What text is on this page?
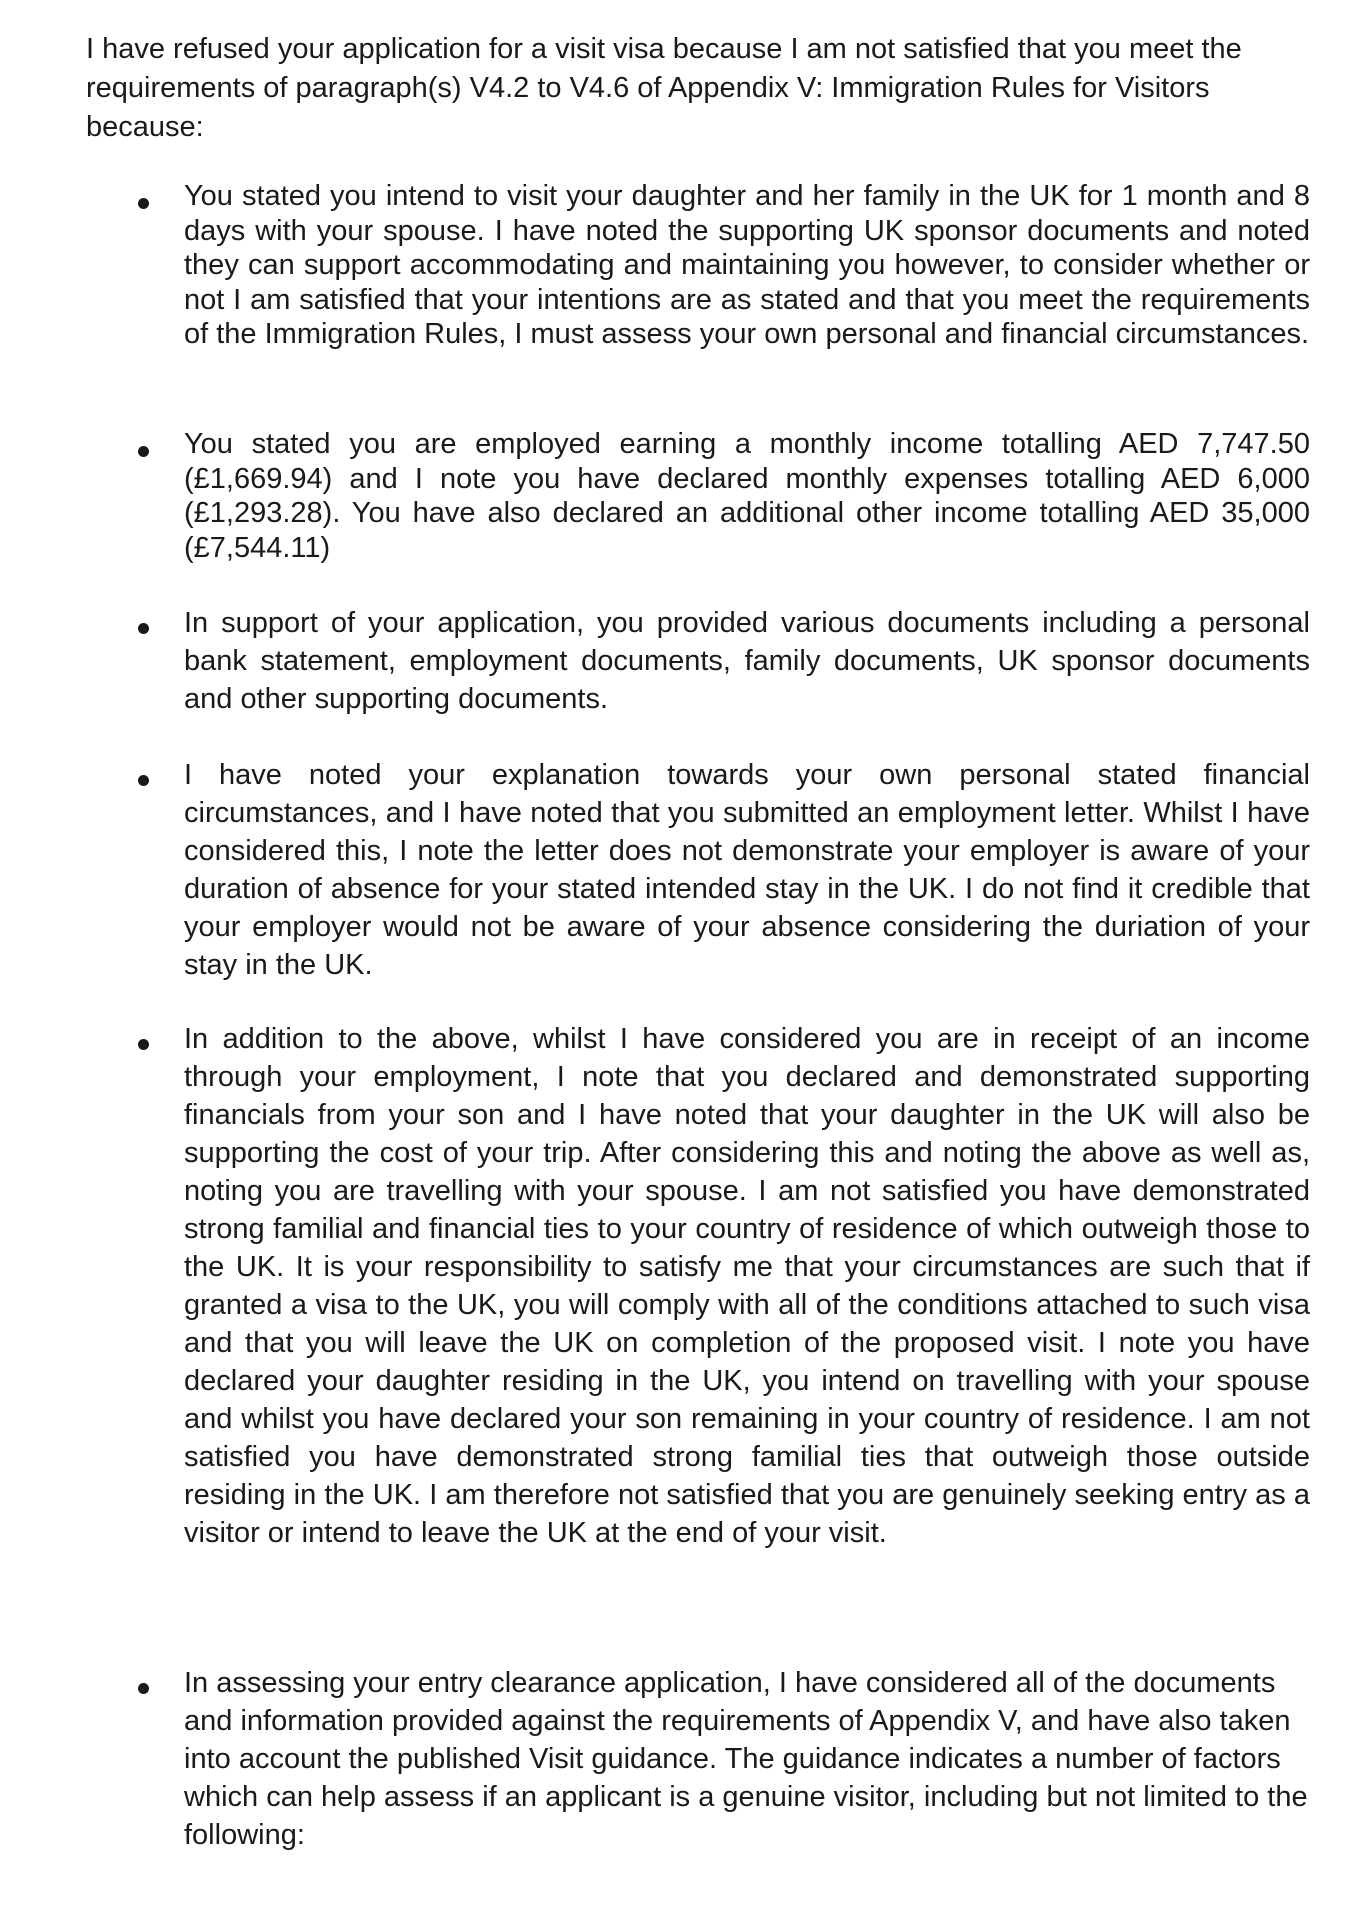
I have refused your application for a visit visa because I am not satisfied that you meet the requirements of paragraph(s) V4.2 to V4.6 of Appendix V: Immigration Rules for Visitors because:

You stated you intend to visit your daughter and her family in the UK for 1 month and 8 days with your spouse. I have noted the supporting UK sponsor documents and noted they can support accommodating and maintaining you however, to consider whether or not I am satisfied that your intentions are as stated and that you meet the requirements of the Immigration Rules, I must assess your own personal and financial circumstances.

You stated you are employed earning a monthly income totalling AED 7,747.50 (£1,669.94) and I note you have declared monthly expenses totalling AED 6,000 (£1,293.28). You have also declared an additional other income totalling AED 35,000 (£7,544.11)

In support of your application, you provided various documents including a personal bank statement, employment documents, family documents, UK sponsor documents and other supporting documents.

I have noted your explanation towards your own personal stated financial circumstances, and I have noted that you submitted an employment letter. Whilst I have considered this, I note the letter does not demonstrate your employer is aware of your duration of absence for your stated intended stay in the UK. I do not find it credible that your employer would not be aware of your absence considering the duriation of your stay in the UK.

In addition to the above, whilst I have considered you are in receipt of an income through your employment, I note that you declared and demonstrated supporting financials from your son and I have noted that your daughter in the UK will also be supporting the cost of your trip. After considering this and noting the above as well as, noting you are travelling with your spouse. I am not satisfied you have demonstrated strong familial and financial ties to your country of residence of which outweigh those to the UK. It is your responsibility to satisfy me that your circumstances are such that if granted a visa to the UK, you will comply with all of the conditions attached to such visa and that you will leave the UK on completion of the proposed visit. I note you have declared your daughter residing in the UK, you intend on travelling with your spouse and whilst you have declared your son remaining in your country of residence. I am not satisfied you have demonstrated strong familial ties that outweigh those outside residing in the UK. I am therefore not satisfied that you are genuinely seeking entry as a visitor or intend to leave the UK at the end of your visit.

In assessing your entry clearance application, I have considered all of the documents and information provided against the requirements of Appendix V, and have also taken into account the published Visit guidance. The guidance indicates a number of factors which can help assess if an applicant is a genuine visitor, including but not limited to the following:
